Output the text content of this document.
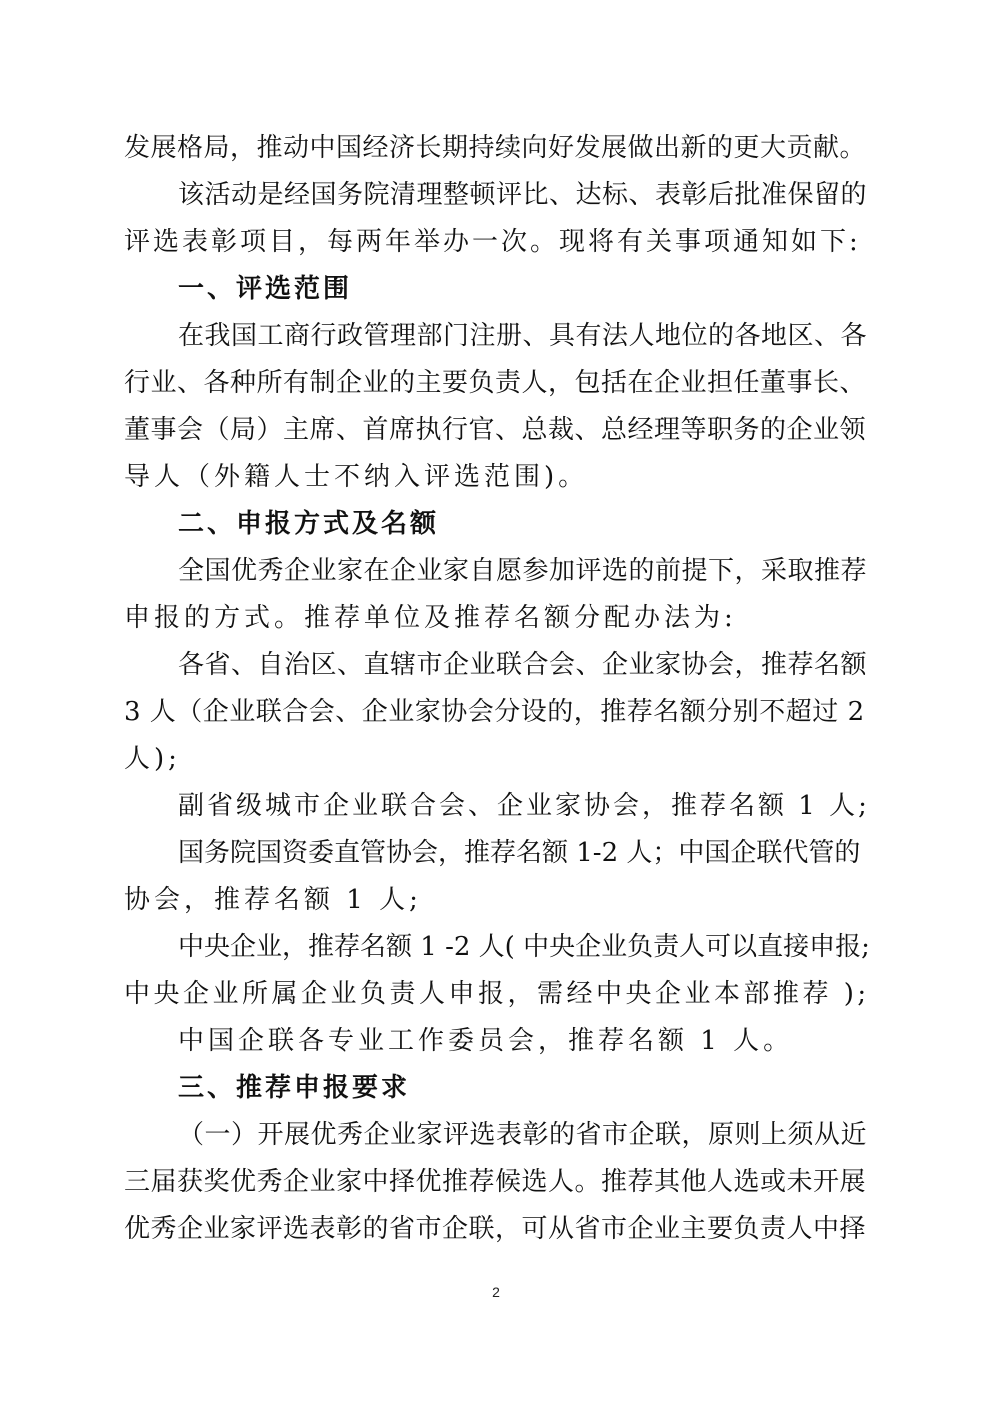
发展格局，推动中国经济长期持续向好发展做出新的更大贡献。
该活动是经国务院清理整顿评比、达标、表彰后批准保留的
评选表彰项目，每两年举办一次。现将有关事项通知如下:
一、评选范围
在我国工商行政管理部门注册、具有法人地位的各地区、各
行业、各种所有制企业的主要负责人，包括在企业担任董事长、
董事会（局）主席、首席执行官、总裁、总经理等职务的企业领
导人（外籍人士不纳入评选范围)。
二、申报方式及名额
全国优秀企业家在企业家自愿参加评选的前提下，采取推荐
申报的方式。推荐单位及推荐名额分配办法为:
各省、自治区、直辖市企业联合会、企业家协会，推荐名额
3 人（企业联合会、企业家协会分设的，推荐名额分别不超过 2
人);
副省级城市企业联合会、企业家协会，推荐名额 1 人;
国务院国资委直管协会，推荐名额 1-2 人；中国企联代管的
协会，推荐名额 1 人;
中央企业，推荐名额 1 -2 人( 中央企业负责人可以直接申报;
中央企业所属企业负责人申报，需经中央企业本部推荐 );
中国企联各专业工作委员会，推荐名额 1 人。
三、推荐申报要求
（一）开展优秀企业家评选表彰的省市企联，原则上须从近
三届获奖优秀企业家中择优推荐候选人。推荐其他人选或未开展
优秀企业家评选表彰的省市企联，可从省市企业主要负责人中择
2
